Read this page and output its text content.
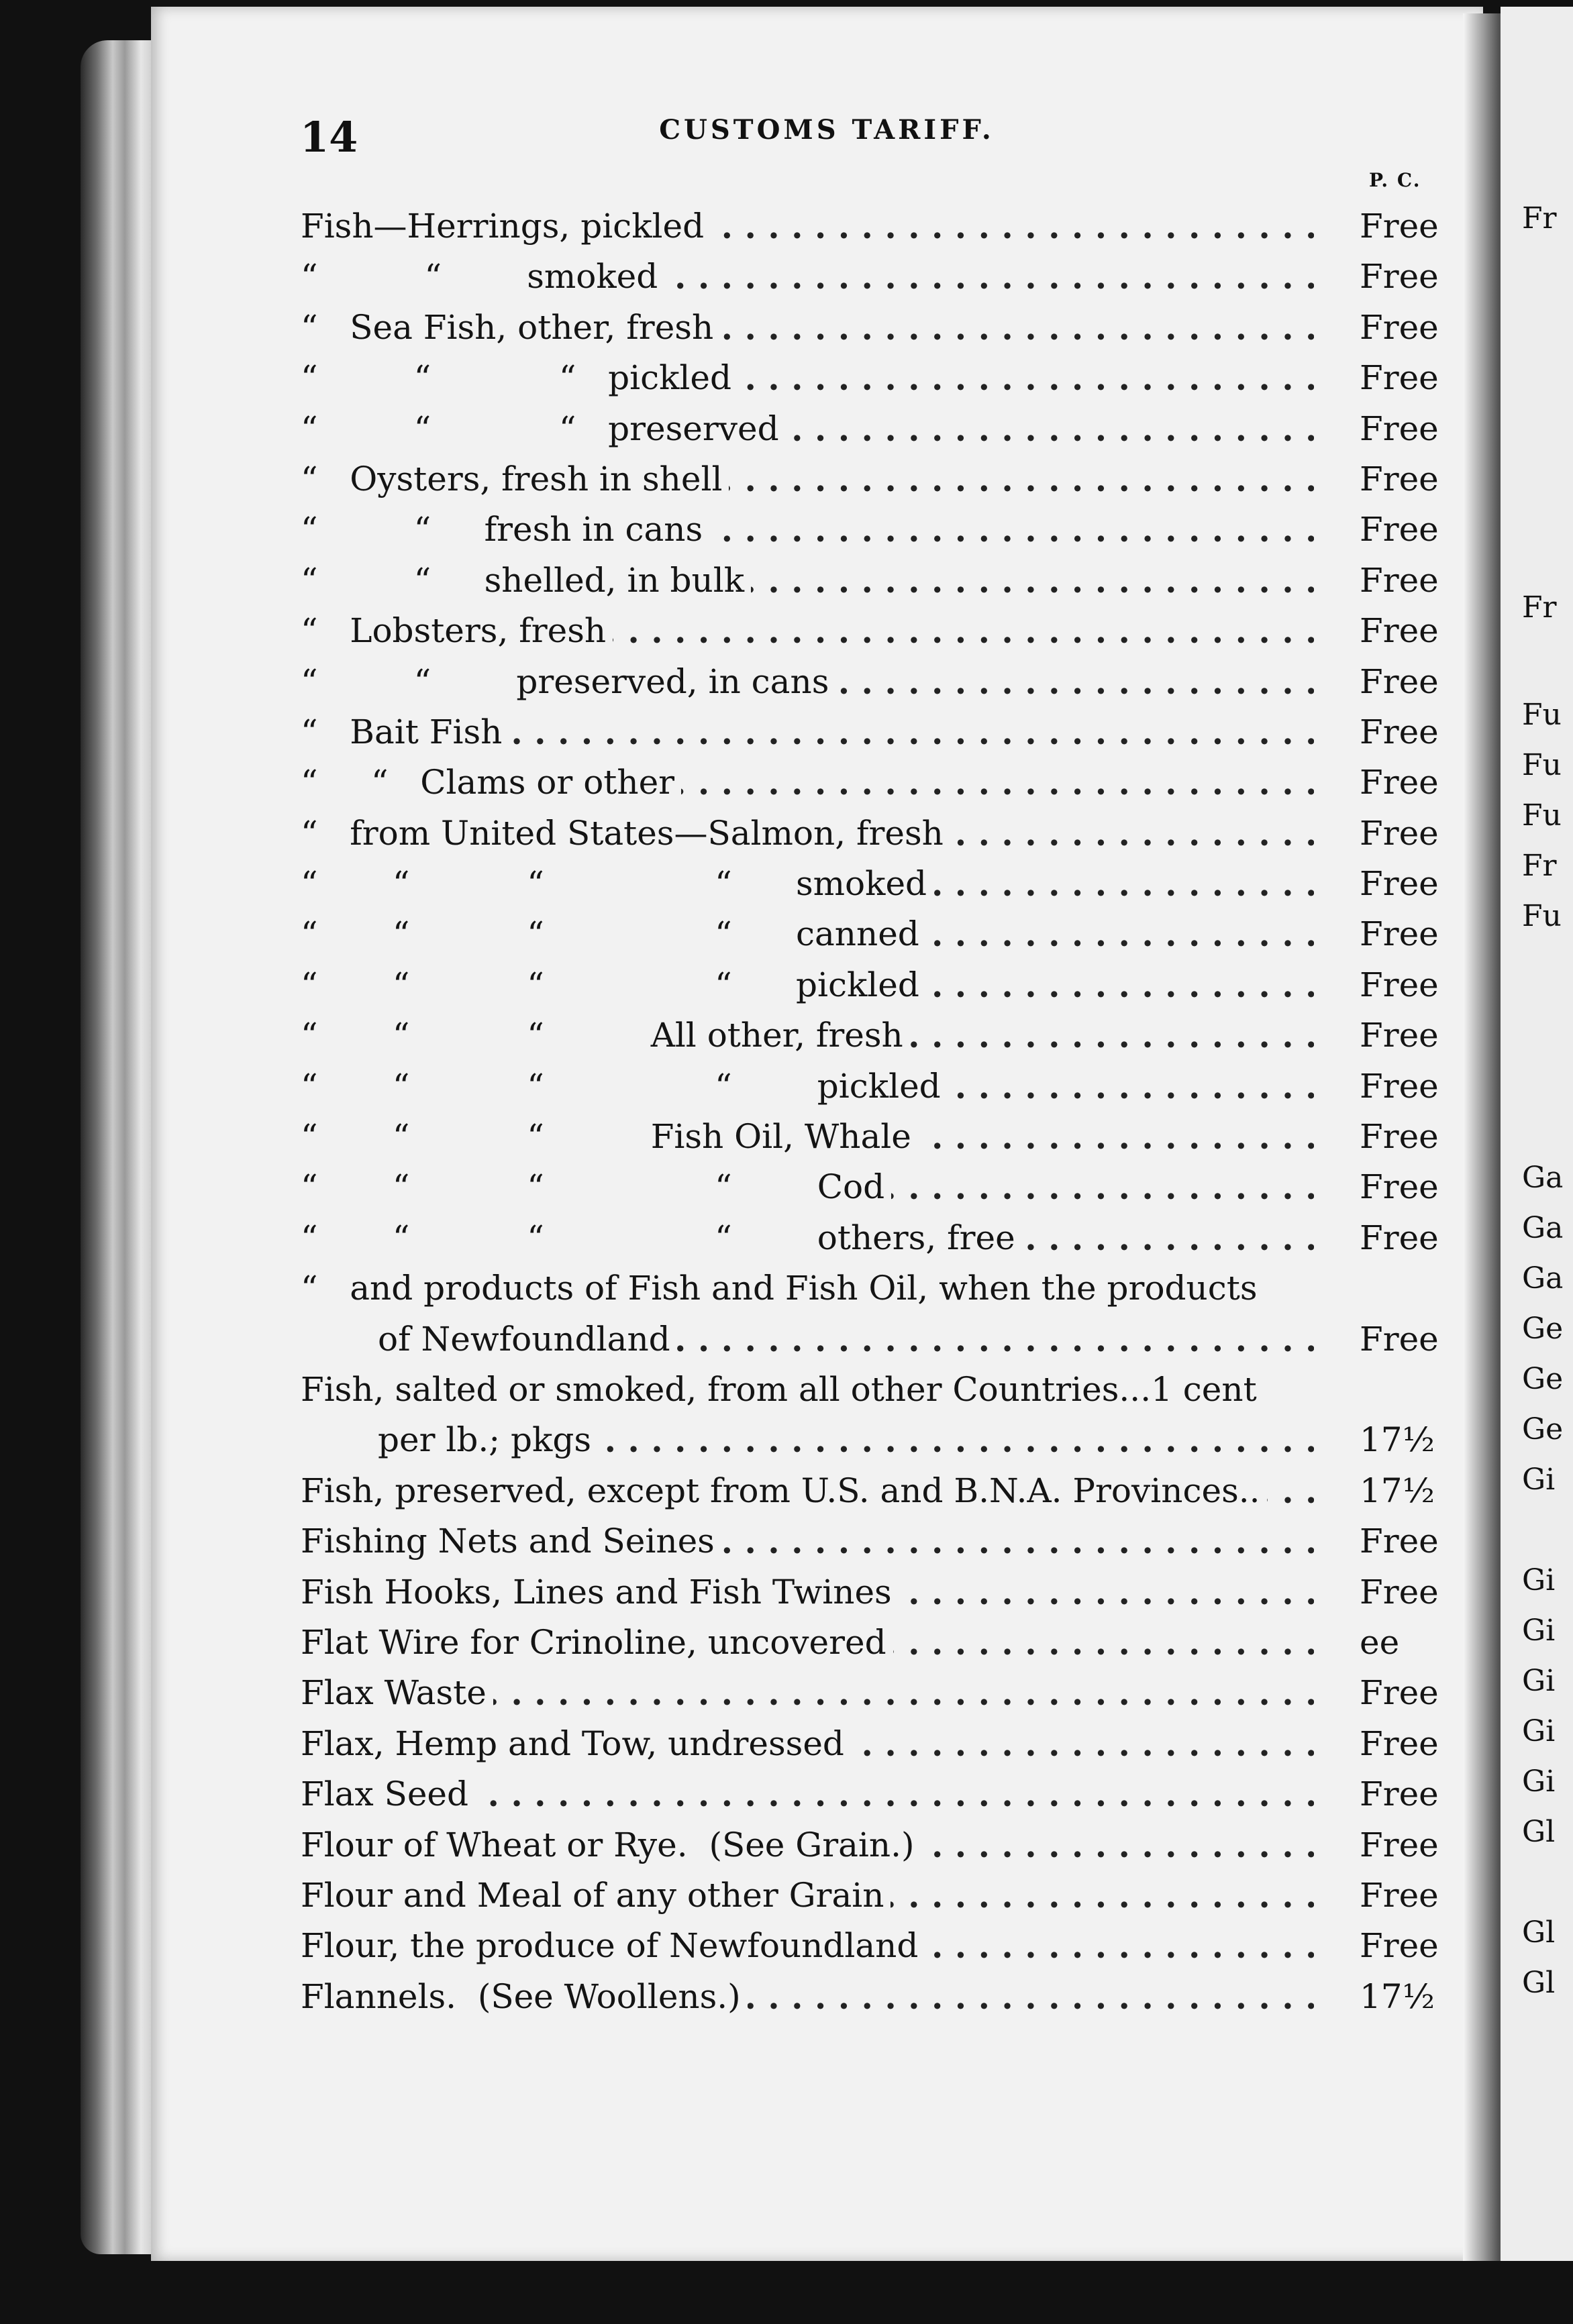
14	CUSTOMS TARIFF.
P. C.
Fish—Herrings, pickled . . .	Free
“          “        smoked . . .	Free
“   Sea Fish, other, fresh . . .	Free
“         “            “   pickled . . .	Free
“         “            “   preserved . . .	Free
“   Oysters, fresh in shell . . .	Free
“         “     fresh in cans . . .	Free
“         “     shelled, in bulk . . .	Free
“   Lobsters, fresh . . .	Free
“         “        preserved, in cans . . .	Free
“   Bait Fish . . .	Free
“     “   Clams or other . . .	Free
“   from United States—Salmon, fresh . . .	Free
“       “           “                “      smoked . . .	Free
“       “           “                “      canned . . .	Free
“       “           “                “      pickled . . .	Free
“       “           “          All other, fresh . . .	Free
“       “           “                “        pickled . . .	Free
“       “           “          Fish Oil, Whale . . .	Free
“       “           “                “        Cod . . .	Free
“       “           “                “        others, free . . .	Free
“   and products of Fish and Fish Oil, when the products
of Newfoundland . . .	Free
Fish, salted or smoked, from all other Countries...1 cent
per lb.; pkgs . . .	17½
Fish, preserved, except from U.S. and B.N.A. Provinces.. . . .	17½
Fishing Nets and Seines . . .	Free
Fish Hooks, Lines and Fish Twines . . .	Free
Flat Wire for Crinoline, uncovered . . .	ee
Flax Waste . . .	Free
Flax, Hemp and Tow, undressed . . .	Free
Flax Seed . . .	Free
Flour of Wheat or Rye.  (See Grain.) . . .	Free
Flour and Meal of any other Grain . . .	Free
Flour, the produce of Newfoundland . . .	Free
Flannels.  (See Woollens.) . . .	17½
Fr
Fr
Fu
Fu
Fu
Fr
Fu
Ga
Ga
Ga
Ge
Ge
Ge
Gi
Gi
Gi
Gi
Gi
Gi
Gl
Gl
Gl
